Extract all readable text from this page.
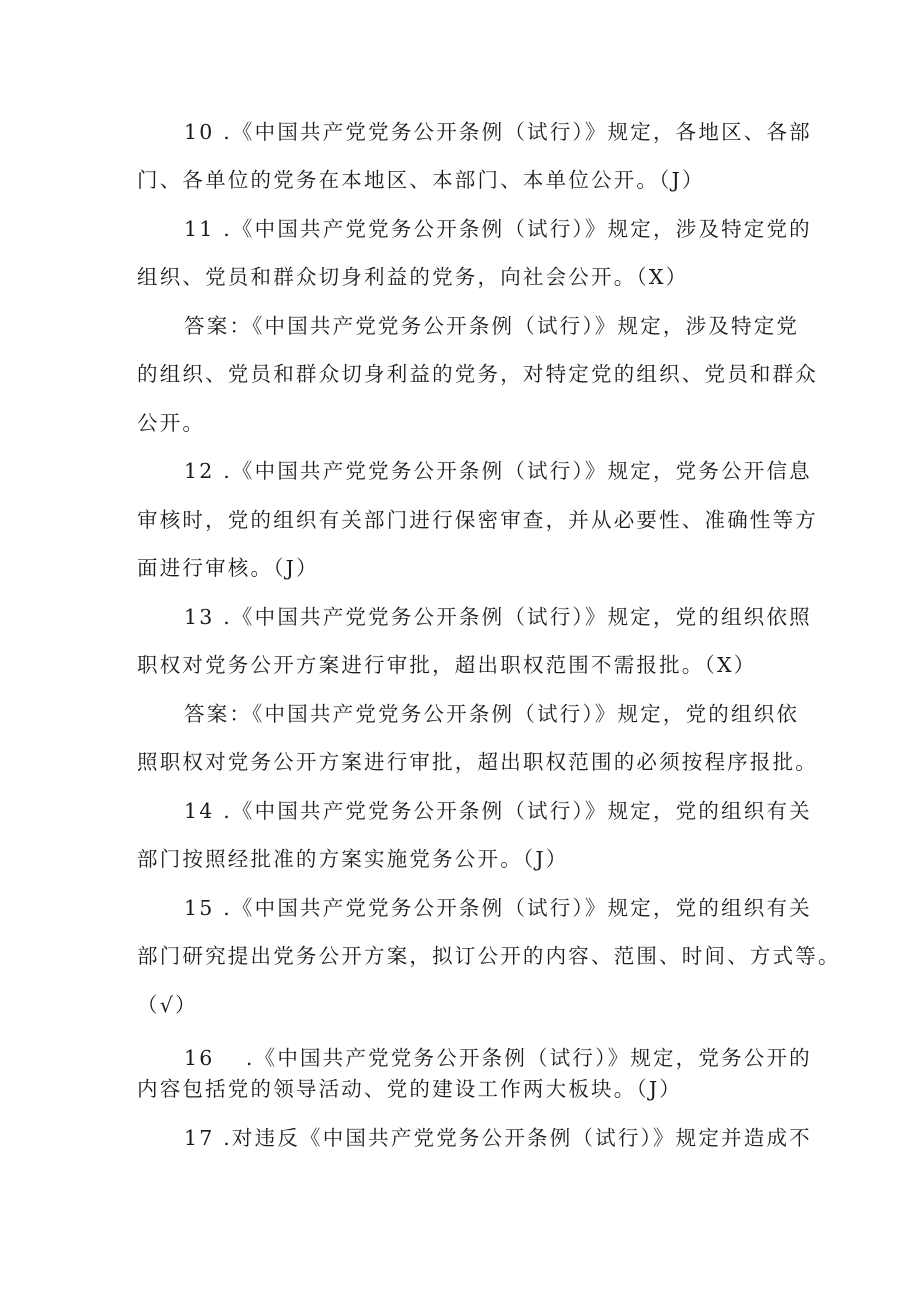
10 .《中国共产党党务公开条例（试行）》规定，各地区、各部
门、各单位的党务在本地区、本部门、本单位公开。（J）
11 .《中国共产党党务公开条例（试行）》规定，涉及特定党的
组织、党员和群众切身利益的党务，向社会公开。（X）
答案：《中国共产党党务公开条例（试行）》规定，涉及特定党
的组织、党员和群众切身利益的党务，对特定党的组织、党员和群众
公开。
12 .《中国共产党党务公开条例（试行）》规定，党务公开信息
审核时，党的组织有关部门进行保密审查，并从必要性、准确性等方
面进行审核。（J）
13 .《中国共产党党务公开条例（试行）》规定，党的组织依照
职权对党务公开方案进行审批，超出职权范围不需报批。（X）
答案：《中国共产党党务公开条例（试行）》规定，党的组织依
照职权对党务公开方案进行审批，超出职权范围的必须按程序报批。
14 .《中国共产党党务公开条例（试行）》规定，党的组织有关
部门按照经批准的方案实施党务公开。（J）
15 .《中国共产党党务公开条例（试行）》规定，党的组织有关
部门研究提出党务公开方案，拟订公开的内容、范围、时间、方式等。
（√）
16　 .《中国共产党党务公开条例（试行）》规定，党务公开的
内容包括党的领导活动、党的建设工作两大板块。（J）
17 .对违反《中国共产党党务公开条例（试行）》规定并造成不
